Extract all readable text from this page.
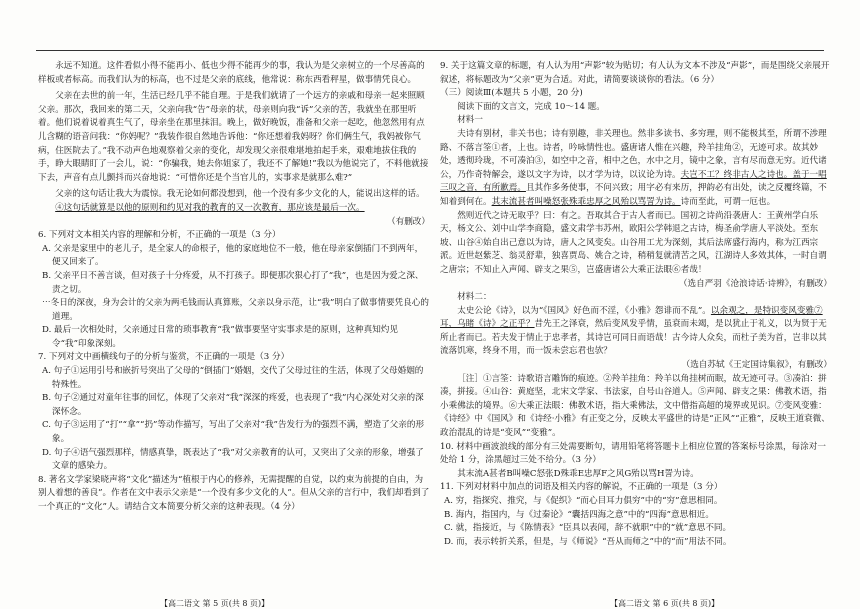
永远不知道。这件看似小得不能再小、低也少得不能再少的事，我认为是父亲树立的一个尽善高的样板或者标高。而我们认为的标高，也不过是父亲的底线，他常说：称东西看秤星，做事情凭良心。

父亲在去世的前一年，生活已经几乎不能自理。于是我们就请了一个远方的亲戚和母亲一起来照顾父亲。那次，我回来的第二天，父亲向我“告”母亲的状，母亲则向我“诉”父亲的苦，我就坐在那里听着。他们说着说着真生气了，母亲坐在那里抹泪。晚上，做好晚饭，准备和父亲一起吃，他忽然用有点儿含糊的语音问我：“你妈呢？”我装作很自然地告诉他：“你还想着我妈呀？你们俩生气，我妈被你气病，住医院去了。”我不动声色地观察着父亲的变化，却发现父亲很难堪地拍起手来，艰难地拔住我的手，睁大眼睛盯了一会儿，说：“你骗我，她去你姐家了，我还不了解她!”我以为他说完了，不料他就接下去，声音有点儿颤抖而兴奋地说：“可惜你还是个当官儿的，实事求是就那么难?”

父亲的这句话让我大为震惊。我无论如何都没想到，他一个没有多少文化的人，能说出这样的话。

④这句话就算是以他的原则和约见对我的教育的又一次教育，那应该是最后一次。

（有删改）

6. 下列对文本相关内容的理解和分析，不正确的一项是（3 分）

A. 父亲是家里中的老儿子，是全家人的命根子，他的家庭地位不一般，他在母亲家倒插门不到两年，便又回来了。

B. 父亲平日不善言谈，但对孩子十分疼爱，从不打孩子。即便那次狠心打了“我”，也是因为爱之深、责之切。

⋯冬日的深夜，身为会计的父亲为两毛钱而认真算账，父亲以身示范，让“我”明白了做事情要凭良心的道理。

D. 最后一次相处时，父亲通过日常的琐事教育“我”做事要坚守实事求是的原则，这种真知灼见令“我”印象深刻。

7. 下列对文中画横线句子的分析与鉴赏，不正确的一项是（3 分）

A. 句子①运用引号和嵌折号突出了父母的“倒插门”婚姻，交代了父母过往的生活，体现了父母婚姻的特殊性。

B. 句子②通过对童年往事的回忆，体现了父亲对“我”深深的疼爱，也表现了“我”内心深处对父亲的深深怀念。

C. 句子③运用了“打”“拿”“扔”等动作描写，写出了父亲对“我”告发行为的强烈不满，塑造了父亲的形象。

D. 句子④语气强烈那样，情感真挚，既表达了“我”对父亲教育的认可，又突出了父亲的形象，增强了文章的感染力。

8. 著名文学家梁晓声将“文化”描述为“植根于内心的修养，无需提醒的自觉，以约束为前提的自由，为别人着想的善良”。作者在文中表示父亲是“一个没有多少文化的人”。但从父亲的言行中，我们却看到了一个真正的“文化”人。请结合文本简要分析父亲的这种表现。（4 分）

9. 关于这篇文章的标题，有人认为用“声影”较为贴切；有人认为文本不涉及“声影”，而是围绕父亲展开叙述，将标题改为“父亲”更为合适。对此，请简要谈谈你的看法。（6 分）

（三）阅读Ⅲ(本题共 5 小题，20 分)

阅读下面的文言文，完成 10～14 题。

材料一

夫诗有别材，非关书也；诗有别趣，非关理也。然非多读书、多穷理，则不能极其至，所谓不涉理路、不落言筌①者，上也。诗者，吟咏情性也。盛唐诸人惟在兴趣，羚羊挂角②，无迹可求。故其妙处，透彻玲珑，不可凑泊③，如空中之音，相中之色，水中之月，镜中之象，言有尽而意无穷。近代诸公，乃作奇特解会，遂以文字为诗，以才学为诗，以议论为诗。夫岂不工？终非古人之诗也。盖于一唱三叹之音，有所歉焉。且其作多务使事，不问兴致；用字必有来历，押韵必有出处，读之反覆终篇，不知着到何在。其末流甚者叫噪怒张殊乖忠厚之风殆以骂詈为诗。诗而至此，可谓一厄也。

然则近代之诗无取乎？曰：有之。吾取其合于古人者而已。国初之诗尚沿袭唐人：王黄州学白乐天，杨文公、刘中山学李商隐，盛文肃学韦苏州，欧阳公学韩退之古诗，梅圣俞学唐人平淡处。至东坡、山谷④始自出己意以为诗，唐人之风变矣。山谷用工尤为深刻，其后法席盛行海内，称为江西宗派。近世赵紫芝、翁灵舒辈，独喜贾岛、姚合之诗，稍稍复就清苦之风，江湖诗人多效其体，一时自谓之唐宗；不知止入声闻、辟支之果⑤，岂盛唐诸公大乘正法眼⑥者哉！

（选自严羽《沧浪诗话·诗辨》，有删改）

材料二：

太史公论《诗》，以为“《国风》好色而不淫，《小雅》怨诽而不乱”。以余观之，是特识变风变雅⑦耳，乌睹《诗》之正乎？昔先王之泽衰，然后变风发乎情，虽衰而未竭，是以犹止于礼义，以为贤于无所止者而已。若夫发于情止于忠孝者，其诗岂可同日而语哉！古今诗人众矣，而杜子美为首，岂非以其流落饥寒，终身不用，而一饭未尝忘君也欤？

（选自苏轼《王定国诗集叙》，有删改）

［注］①言筌：诗歌语言雕饰的痕迹。②羚羊挂角：羚羊以角挂树而眠，故无迹可寻。③凑泊：拼凑，拼接。④山谷：黄庭坚，北宋文学家、书法家，自号山谷道人。⑤声闻、辟支之果：佛教术语，指小乘佛法的境界。⑥大乘正法眼：佛教术语，指大乘佛法，文中借指高超的境界或见识。⑦变风变雅：《诗经》中《国风》和《诗经·小雅》有正变之分，反映太平盛世的诗是“正风”“正雅”，反映王道衰微、政治混乱的诗是“变风”“变雅”。

10. 材料中画波浪线的部分有三处需要断句，请用铅笔将答题卡上相应位置的答案标号涂黑，每涂对一处给 1 分，涂黑超过三处不给分。（3 分）

其末流A甚者B叫噪C怒张D殊乖E忠厚F之风G殆以骂H詈为诗。

11. 下列对材料中加点的词语及相关内容的解说，不正确的一项是（3 分）

A. 穷，指探究、推究，与《促织》“而心目耳力俱穷”中的“穷”意思相同。

B. 海内，指国内，与《过秦论》“囊括四海之意”中的“四海”意思相近。

C. 就，指接近，与《陈情表》“臣具以表闻，辞不就职”中的“就”意思不同。

D. 而，表示转折关系，但是，与《师说》“吾从而师之”中的“而”用法不同。

【高二语文 第 5 页(共 8 页)】	【高二语文 第 6 页(共 8 页)】
